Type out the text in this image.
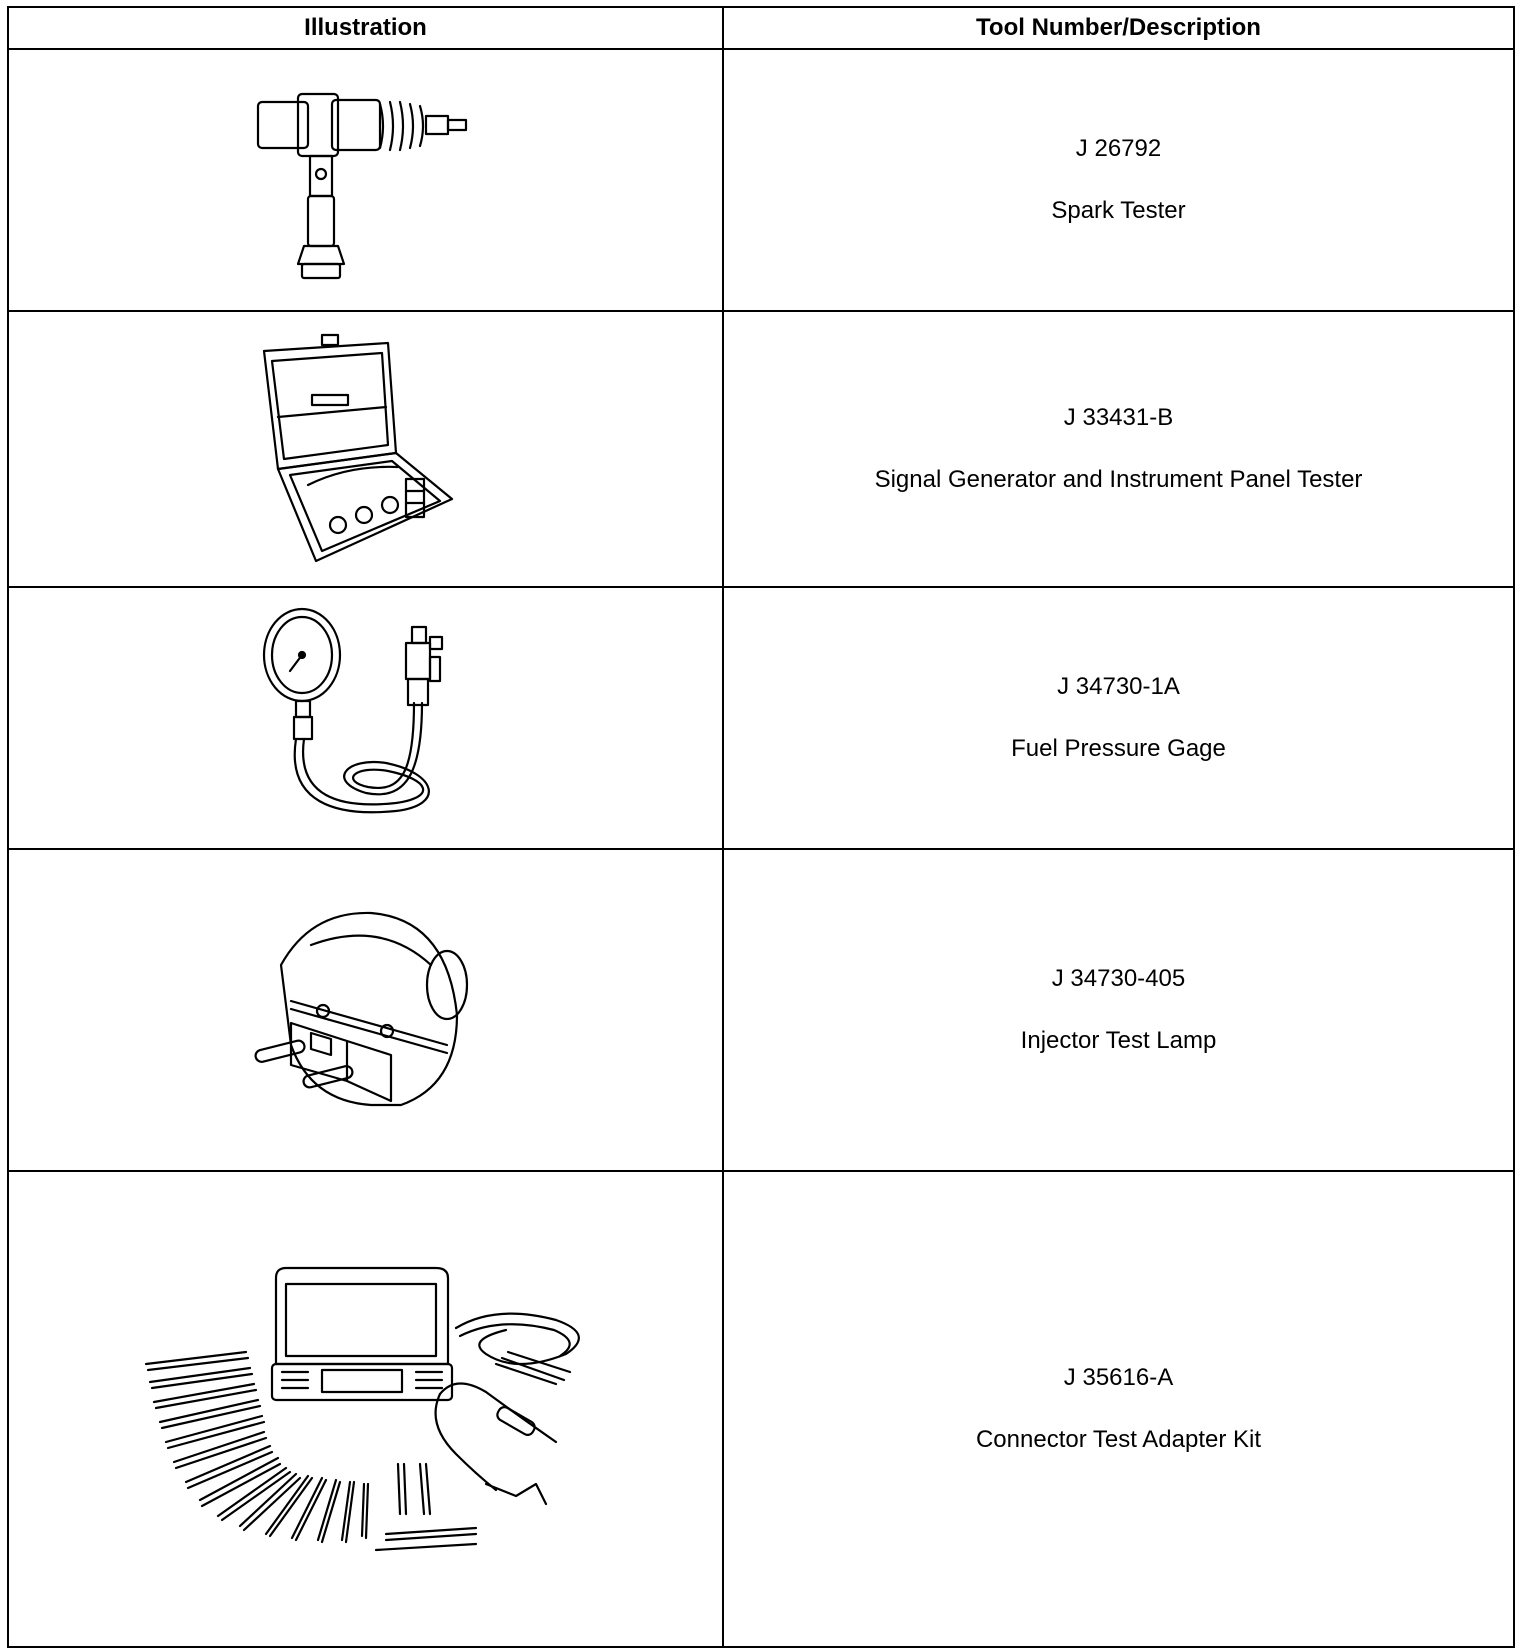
Illustration	Tool Number/Description

J 26792
Spark Tester

J 33431-B
Signal Generator and Instrument Panel Tester

J 34730-1A
Fuel Pressure Gage

J 34730-405
Injector Test Lamp

J 35616-A
Connector Test Adapter Kit
